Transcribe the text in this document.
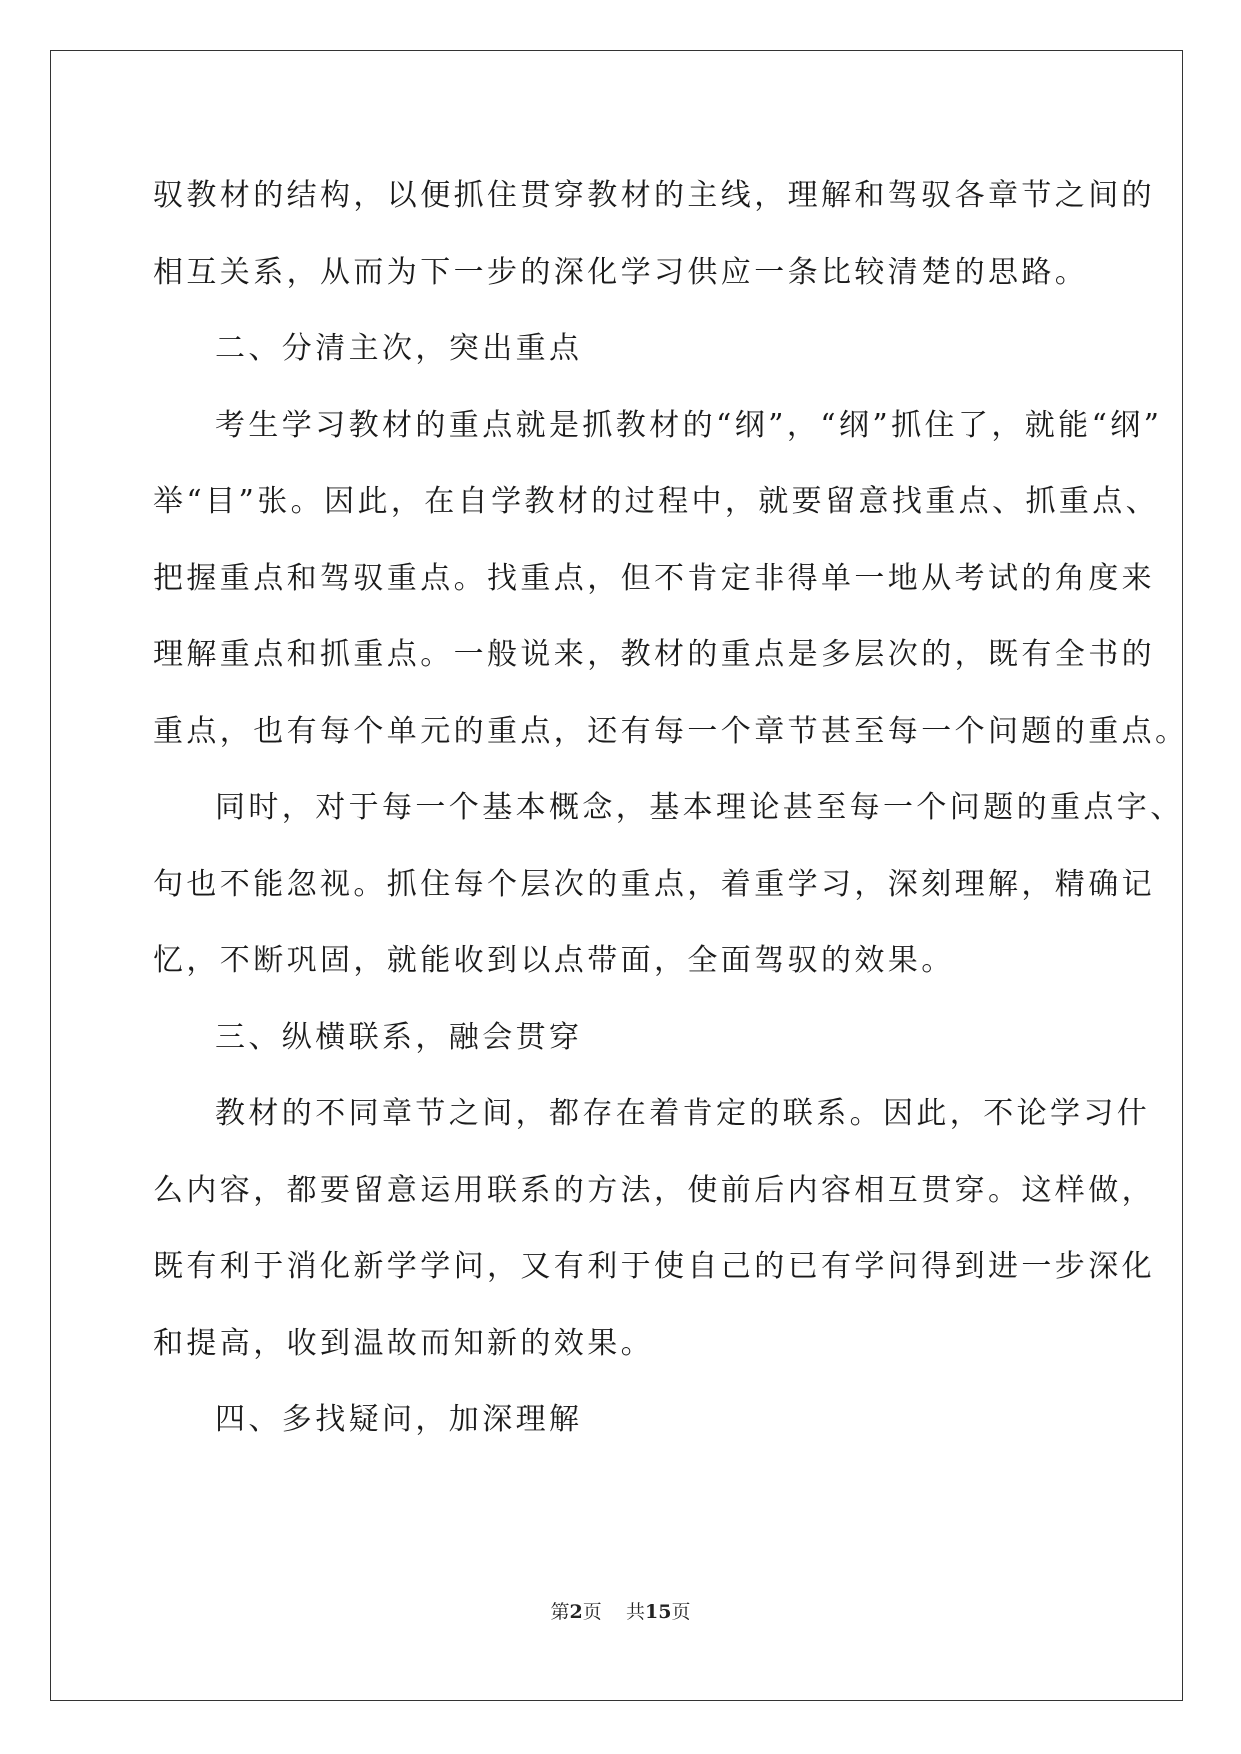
驭教材的结构，以便抓住贯穿教材的主线，理解和驾驭各章节之间的
相互关系，从而为下一步的深化学习供应一条比较清楚的思路。
二、分清主次，突出重点
考生学习教材的重点就是抓教材的“纲”，“纲”抓住了，就能“纲”
举“目”张。因此，在自学教材的过程中，就要留意找重点、抓重点、
把握重点和驾驭重点。找重点，但不肯定非得单一地从考试的角度来
理解重点和抓重点。一般说来，教材的重点是多层次的，既有全书的
重点，也有每个单元的重点，还有每一个章节甚至每一个问题的重点。
同时，对于每一个基本概念，基本理论甚至每一个问题的重点字、
句也不能忽视。抓住每个层次的重点，着重学习，深刻理解，精确记
忆，不断巩固，就能收到以点带面，全面驾驭的效果。
三、纵横联系，融会贯穿
教材的不同章节之间，都存在着肯定的联系。因此，不论学习什
么内容，都要留意运用联系的方法，使前后内容相互贯穿。这样做，
既有利于消化新学学问，又有利于使自己的已有学问得到进一步深化
和提高，收到温故而知新的效果。
四、多找疑问，加深理解
第2页 共15页
